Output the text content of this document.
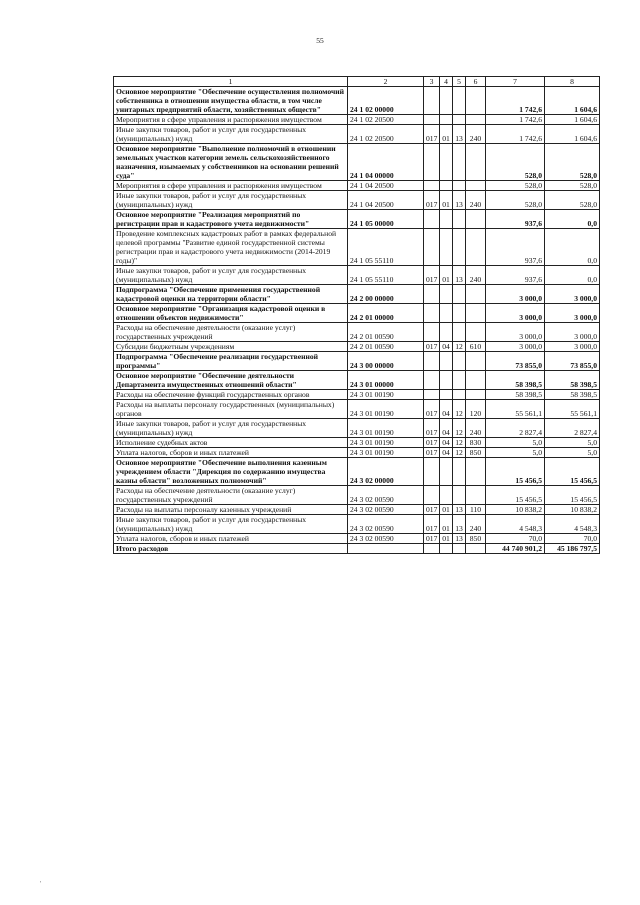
55
1	2	3	4	5	6	7	8
Основное мероприятие "Обеспечение осуществления полномочий собственника в отношении имущества области, в том числе унитарных предприятий области, хозяйственных обществ"	24 1 02 00000					1 742,6	1 604,6
Мероприятия в сфере управления и распоряжения имуществом	24 1 02 20500					1 742,6	1 604,6
Иные закупки товаров, работ и услуг для государственных (муниципальных) нужд	24 1 02 20500	017	01	13	240	1 742,6	1 604,6
Основное мероприятие "Выполнение полномочий в отношении земельных участков категории земель сельскохозяйственного назначения, изымаемых у собственников на основании решений суда"	24 1 04 00000					528,0	528,0
Мероприятия в сфере управления и распоряжения имуществом	24 1 04 20500					528,0	528,0
Иные закупки товаров, работ и услуг для государственных (муниципальных) нужд	24 1 04 20500	017	01	13	240	528,0	528,0
Основное мероприятие "Реализация мероприятий по регистрации прав и кадастрового учета недвижимости"	24 1 05 00000					937,6	0,0
Проведение комплексных кадастровых работ в рамках федеральной целевой программы "Развитие единой государственной системы регистрации прав и кадастрового учета недвижимости (2014-2019 годы)"	24 1 05 55110					937,6	0,0
Иные закупки товаров, работ и услуг для государственных (муниципальных) нужд	24 1 05 55110	017	01	13	240	937,6	0,0
Подпрограмма "Обеспечение применения государственной кадастровой оценки на территории области"	24 2 00 00000					3 000,0	3 000,0
Основное мероприятие "Организация кадастровой оценки в отношении объектов недвижимости"	24 2 01 00000					3 000,0	3 000,0
Расходы на обеспечение деятельности (оказание услуг) государственных учреждений	24 2 01 00590					3 000,0	3 000,0
Субсидии бюджетным учреждениям	24 2 01 00590	017	04	12	610	3 000,0	3 000,0
Подпрограмма "Обеспечение реализации государственной программы"	24 3 00 00000					73 855,0	73 855,0
Основное мероприятие "Обеспечение деятельности Департамента имущественных отношений области"	24 3 01 00000					58 398,5	58 398,5
Расходы на обеспечение функций государственных органов	24 3 01 00190					58 398,5	58 398,5
Расходы на выплаты персоналу государственных (муниципальных) органов	24 3 01 00190	017	04	12	120	55 561,1	55 561,1
Иные закупки товаров, работ и услуг для государственных (муниципальных) нужд	24 3 01 00190	017	04	12	240	2 827,4	2 827,4
Исполнение судебных актов	24 3 01 00190	017	04	12	830	5,0	5,0
Уплата налогов, сборов и иных платежей	24 3 01 00190	017	04	12	850	5,0	5,0
Основное мероприятие "Обеспечение выполнения казенным учреждением области "Дирекция по содержанию имущества казны области" возложенных полномочий"	24 3 02 00000					15 456,5	15 456,5
Расходы на обеспечение деятельности (оказание услуг) государственных учреждений	24 3 02 00590					15 456,5	15 456,5
Расходы на выплаты персоналу казенных учреждений	24 3 02 00590	017	01	13	110	10 838,2	10 838,2
Иные закупки товаров, работ и услуг для государственных (муниципальных) нужд	24 3 02 00590	017	01	13	240	4 548,3	4 548,3
Уплата налогов, сборов и иных платежей	24 3 02 00590	017	01	13	850	70,0	70,0
Итого расходов						44 740 901,2	45 186 797,5
'
